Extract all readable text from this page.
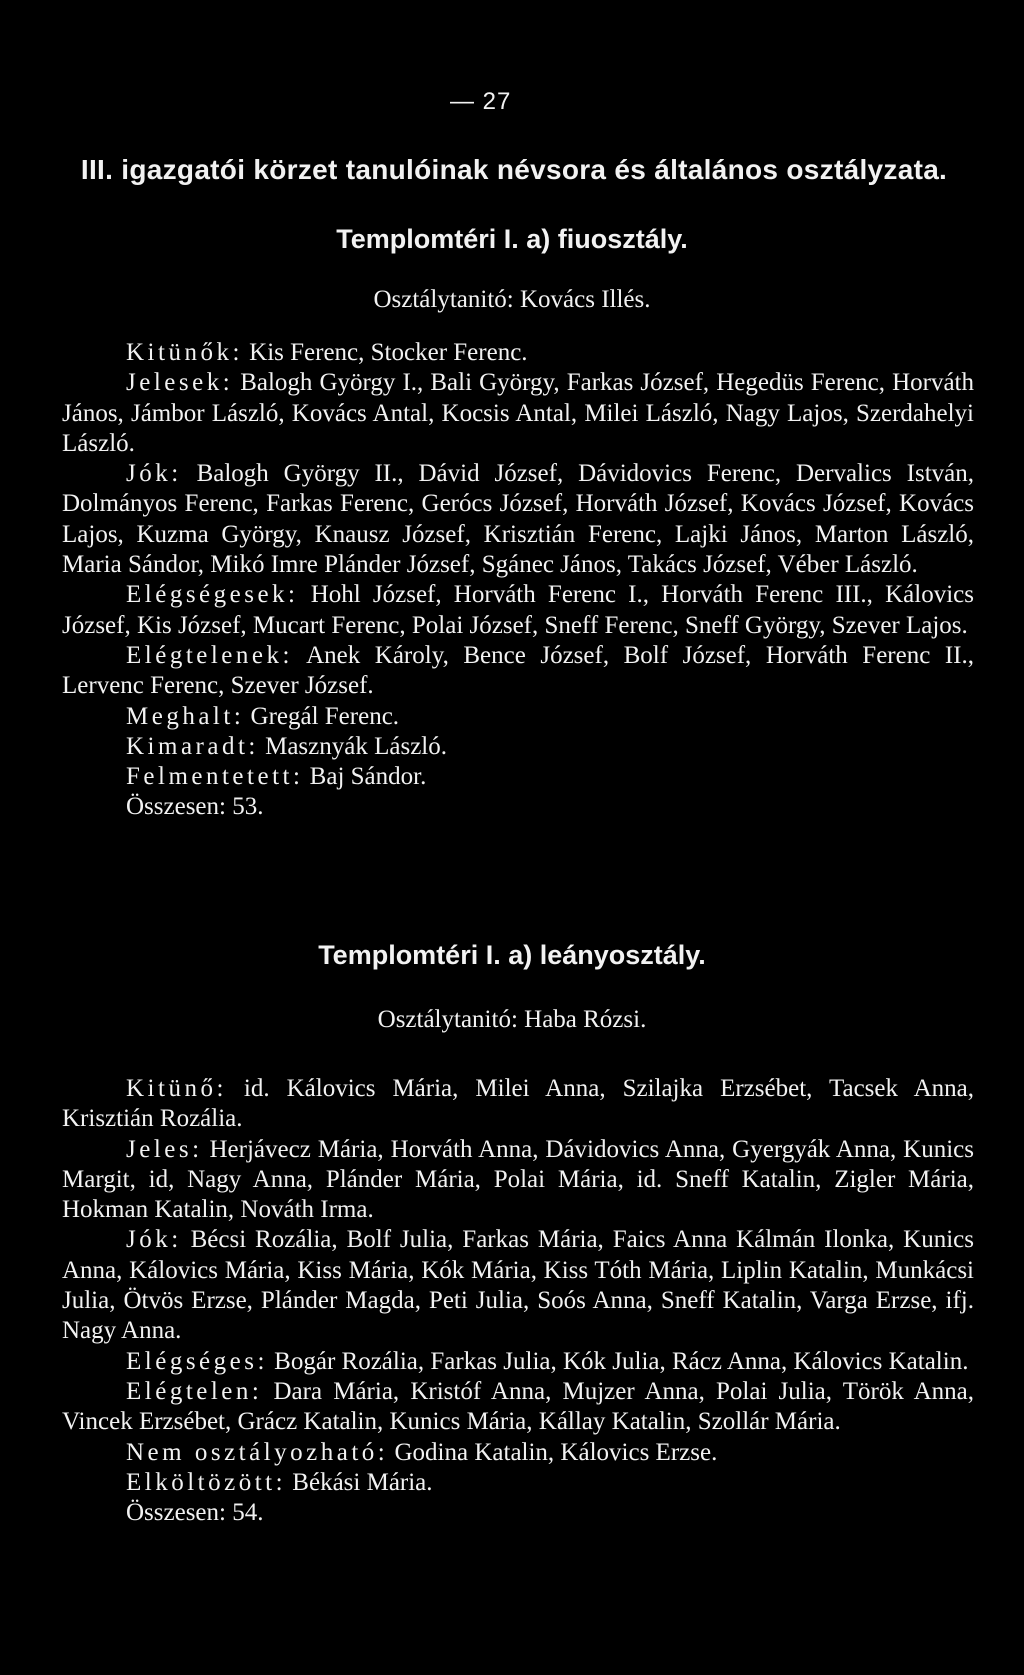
— 27
III. igazgatói körzet tanulóinak névsora és általános osztályzata.
Templomtéri I. a) fiuosztály.
Osztálytanitó: Kovács Illés.

Kitünők: Kis Ferenc, Stocker Ferenc.

Jelesek: Balogh György I., Bali György, Farkas József, Hegedüs Ferenc, Horváth János, Jámbor László, Kovács Antal, Kocsis Antal, Milei László, Nagy Lajos, Szerdahelyi László.

Jók: Balogh György II., Dávid József, Dávidovics Ferenc, Dervalics István, Dolmányos Ferenc, Farkas Ferenc, Gerócs József, Horváth József, Kovács József, Kovács Lajos, Kuzma György, Knausz József, Krisztián Ferenc, Lajki János, Marton László, Maria Sándor, Mikó Imre Plánder József, Sgánec János, Takács József, Véber László.

Elégségesek: Hohl József, Horváth Ferenc I., Horváth Ferenc III., Kálovics József, Kis József, Mucart Ferenc, Polai József, Sneff Ferenc, Sneff György, Szever Lajos.

Elégtelenek: Anek Károly, Bence József, Bolf József, Horváth Ferenc II., Lervenc Ferenc, Szever József.

Meghalt: Gregál Ferenc.

Kimaradt: Masznyák László.

Felmentetett: Baj Sándor.

Összesen: 53.

Templomtéri I. a) leányosztály.
Osztálytanitó: Haba Rózsi.

Kitünő: id. Kálovics Mária, Milei Anna, Szilajka Erzsébet, Tacsek Anna, Krisztián Rozália.

Jeles: Herjávecz Mária, Horváth Anna, Dávidovics Anna, Gyergyák Anna, Kunics Margit, id, Nagy Anna, Plánder Mária, Polai Mária, id. Sneff Katalin, Zigler Mária, Hokman Katalin, Nováth Irma.

Jók: Bécsi Rozália, Bolf Julia, Farkas Mária, Faics Anna Kálmán Ilonka, Kunics Anna, Kálovics Mária, Kiss Mária, Kók Mária, Kiss Tóth Mária, Liplin Katalin, Munkácsi Julia, Ötvös Erzse, Plánder Magda, Peti Julia, Soós Anna, Sneff Katalin, Varga Erzse, ifj. Nagy Anna.

Elégséges: Bogár Rozália, Farkas Julia, Kók Julia, Rácz Anna, Kálovics Katalin.

Elégtelen: Dara Mária, Kristóf Anna, Mujzer Anna, Polai Julia, Török Anna, Vincek Erzsébet, Grácz Katalin, Kunics Mária, Kállay Katalin, Szollár Mária.

Nem osztályozható: Godina Katalin, Kálovics Erzse.

Elköltözött: Békási Mária.

Összesen: 54.
